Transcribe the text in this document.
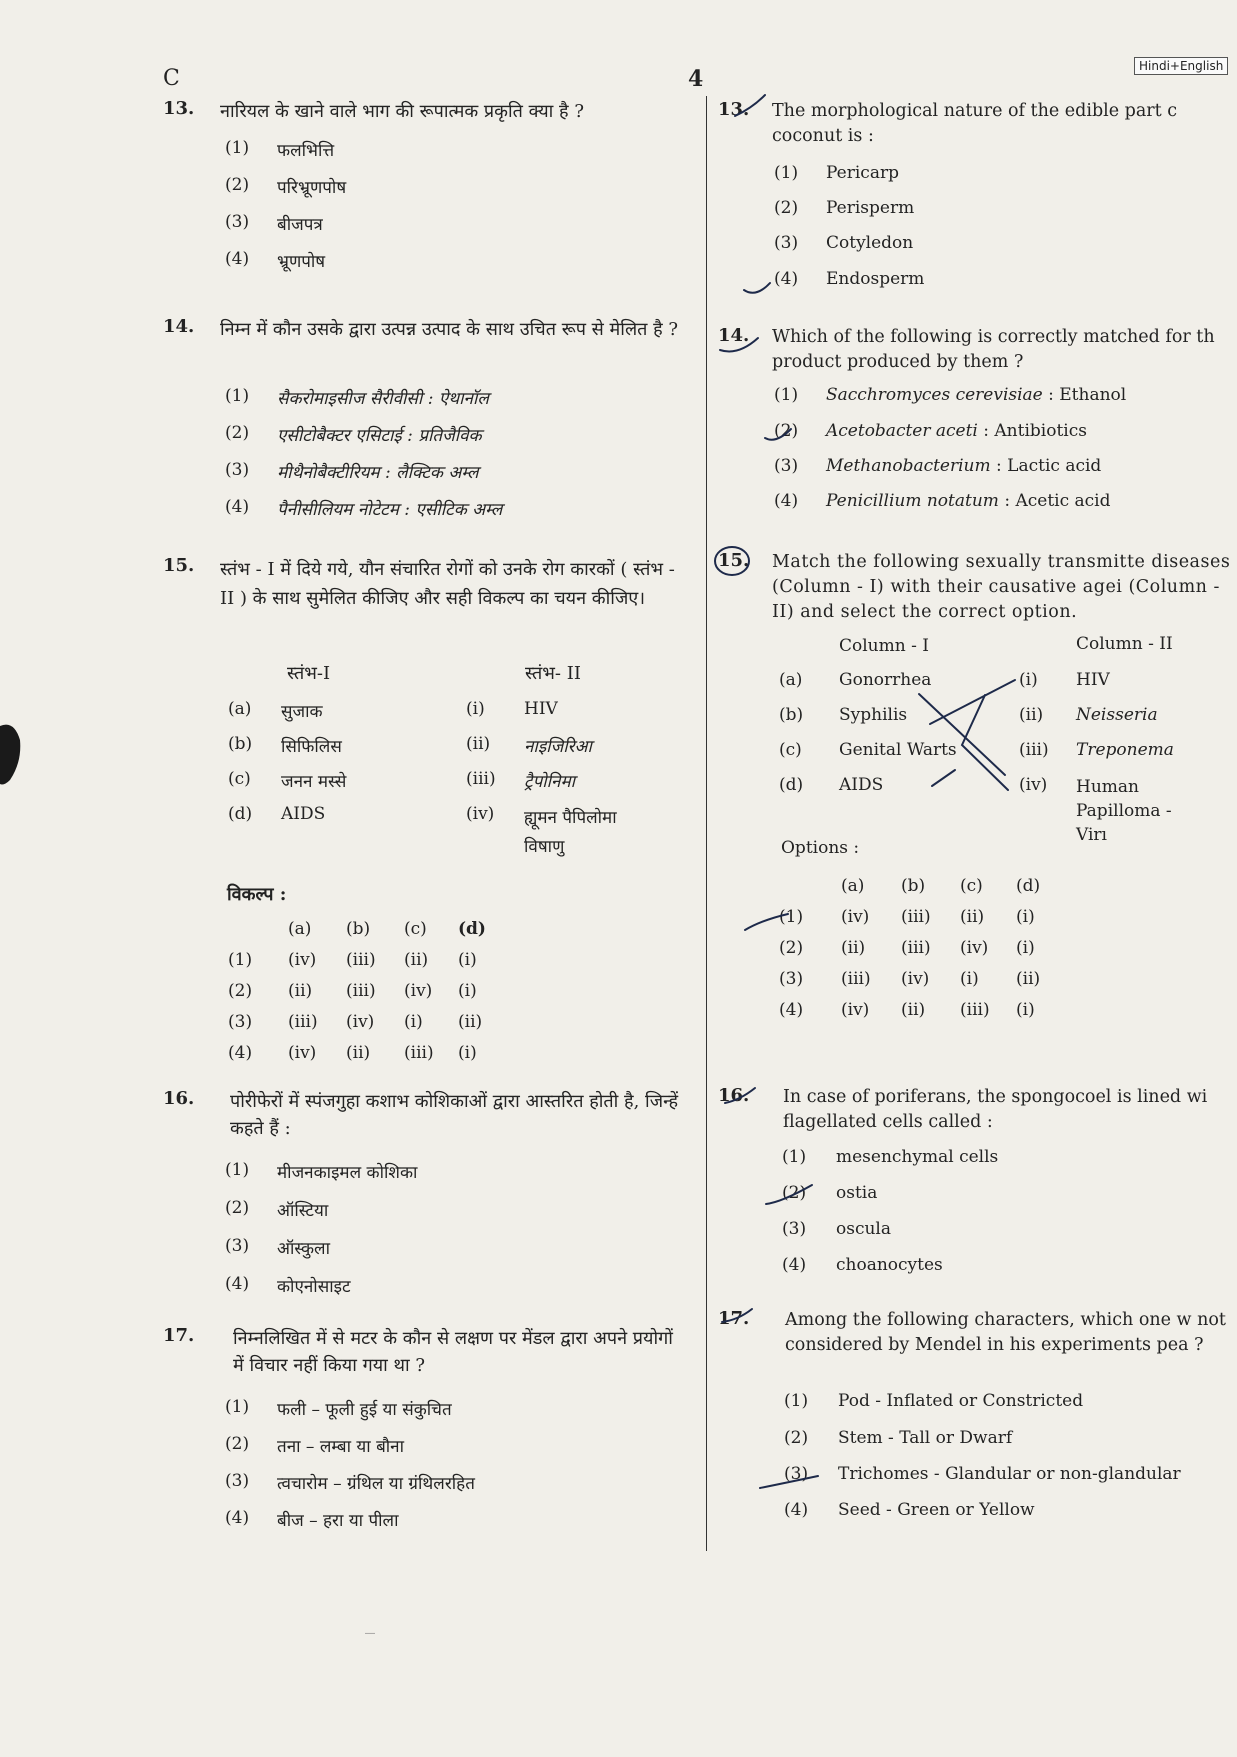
C	4	Hindi+English
13. नारियल के खाने वाले भाग की रूपात्मक प्रकृति क्या है ?
(1) फलभित्ति
(2) परिभ्रूणपोष
(3) बीजपत्र
(4) भ्रूणपोष
14. निम्न में कौन उसके द्वारा उत्पन्न उत्पाद के साथ उचित रूप से मेलित है ?
(1) सैकरोमाइसीज सैरीवीसी : ऐथानॉल
(2) एसीटोबैक्टर एसिटाई : प्रतिजैविक
(3) मीथैनोबैक्टीरियम : लैक्टिक अम्ल
(4) पैनीसीलियम नोटेटम : एसीटिक अम्ल
15. स्तंभ - I में दिये गये, यौन संचारित रोगों को उनके रोग कारकों ( स्तंभ - II ) के साथ सुमेलित कीजिए और सही विकल्प का चयन कीजिए।
स्तंभ-I	स्तंभ- II
(a)	सुजाक	(i)	HIV
(b)	सिफिलिस	(ii)	नाइजिरिआ
(c)	जनन मस्से	(iii)	ट्रैपोनिमा
(d)	AIDS	(iv)	ह्यूमन पैपिलोमा विषाणु
विकल्प :
	(a)	(b)	(c)	(d)
(1)	(iv)	(iii)	(ii)	(i)
(2)	(ii)	(iii)	(iv)	(i)
(3)	(iii)	(iv)	(i)	(ii)
(4)	(iv)	(ii)	(iii)	(i)
16. पोरीफेरों में स्पंजगुहा कशाभ कोशिकाओं द्वारा आस्तरित होती है, जिन्हें कहते हैं :
(1) मीजनकाइमल कोशिका
(2) ऑस्टिया
(3) ऑस्कुला
(4) कोएनोसाइट
17. निम्नलिखित में से मटर के कौन से लक्षण पर मेंडल द्वारा अपने प्रयोगों में विचार नहीं किया गया था ?
(1) फली – फूली हुई या संकुचित
(2) तना – लम्बा या बौना
(3) त्वचारोम – ग्रंथिल या ग्रंथिलरहित
(4) बीज – हरा या पीला
13. The morphological nature of the edible part c coconut is :
(1) Pericarp
(2) Perisperm
(3) Cotyledon
(4) Endosperm
14. Which of the following is correctly matched for th product produced by them ?
(1) Sacchromyces cerevisiae : Ethanol
(2) Acetobacter aceti : Antibiotics
(3) Methanobacterium : Lactic acid
(4) Penicillium notatum : Acetic acid
15. Match the following sexually transmitte diseases (Column - I) with their causative agei (Column - II) and select the correct option.
Column - I	Column - II
(a)	Gonorrhea	(i)	HIV
(b)	Syphilis	(ii)	Neisseria
(c)	Genital Warts	(iii)	Treponema
(d)	AIDS	(iv)	Human Papilloma - Virı
Options :
	(a)	(b)	(c)	(d)
(1)	(iv)	(iii)	(ii)	(i)
(2)	(ii)	(iii)	(iv)	(i)
(3)	(iii)	(iv)	(i)	(ii)
(4)	(iv)	(ii)	(iii)	(i)
16. In case of poriferans, the spongocoel is lined wi flagellated cells called :
(1) mesenchymal cells
(2) ostia
(3) oscula
(4) choanocytes
17. Among the following characters, which one w not considered by Mendel in his experiments pea ?
(1) Pod - Inflated or Constricted
(2) Stem - Tall or Dwarf
(3) Trichomes - Glandular or non-glandular
(4) Seed - Green or Yellow
―
